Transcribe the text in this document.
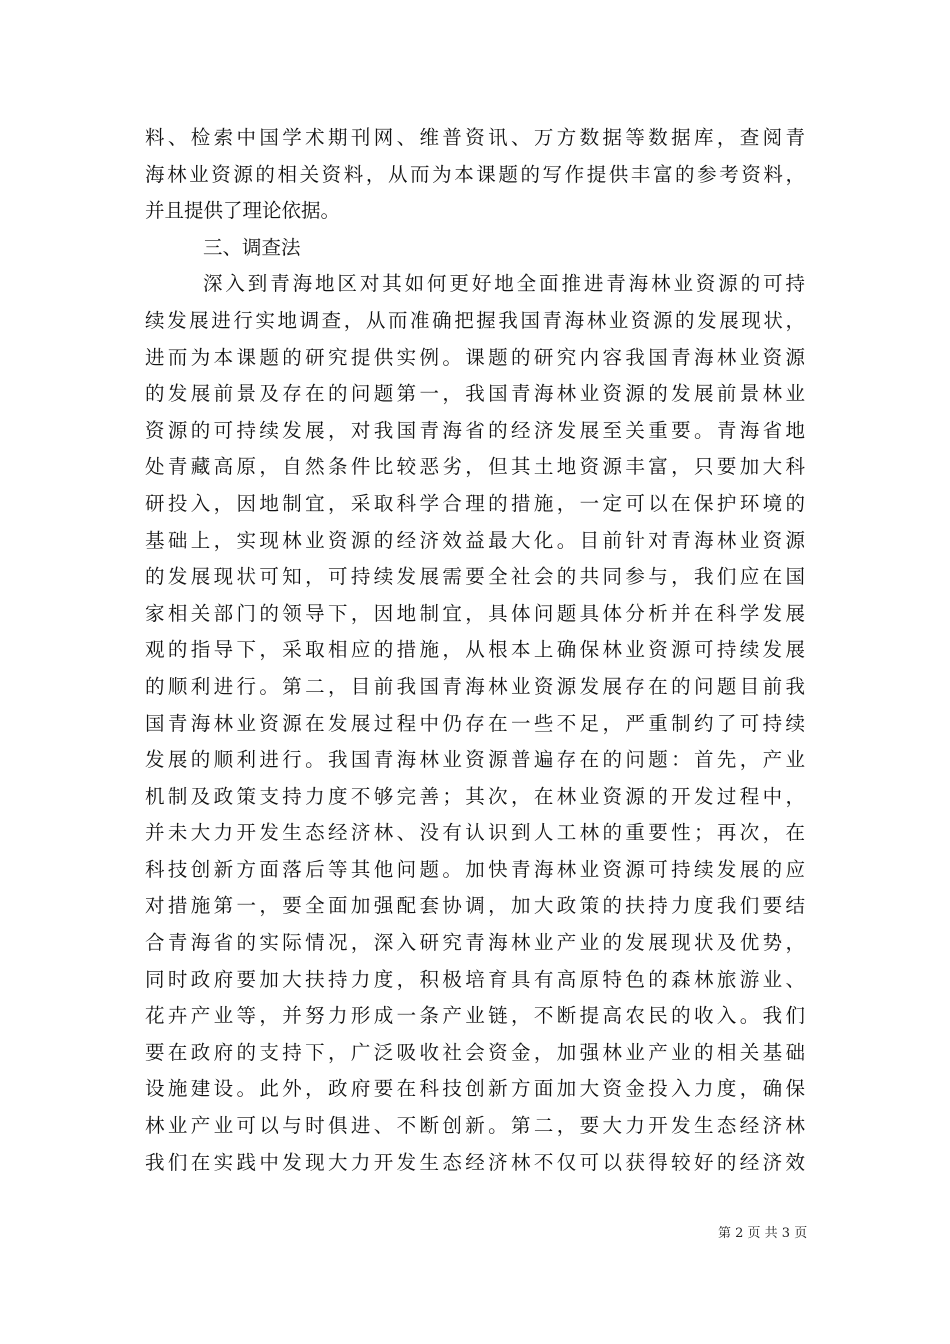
料、检索中国学术期刊网、维普资讯、万方数据等数据库，查阅青
海林业资源的相关资料，从而为本课题的写作提供丰富的参考资料，
并且提供了理论依据。
三、调查法
深入到青海地区对其如何更好地全面推进青海林业资源的可持
续发展进行实地调查，从而准确把握我国青海林业资源的发展现状，
进而为本课题的研究提供实例。课题的研究内容我国青海林业资源
的发展前景及存在的问题第一，我国青海林业资源的发展前景林业
资源的可持续发展，对我国青海省的经济发展至关重要。青海省地
处青藏高原，自然条件比较恶劣，但其土地资源丰富，只要加大科
研投入，因地制宜，采取科学合理的措施，一定可以在保护环境的
基础上，实现林业资源的经济效益最大化。目前针对青海林业资源
的发展现状可知，可持续发展需要全社会的共同参与，我们应在国
家相关部门的领导下，因地制宜，具体问题具体分析并在科学发展
观的指导下，采取相应的措施，从根本上确保林业资源可持续发展
的顺利进行。第二，目前我国青海林业资源发展存在的问题目前我
国青海林业资源在发展过程中仍存在一些不足，严重制约了可持续
发展的顺利进行。我国青海林业资源普遍存在的问题：首先，产业
机制及政策支持力度不够完善；其次，在林业资源的开发过程中，
并未大力开发生态经济林、没有认识到人工林的重要性；再次，在
科技创新方面落后等其他问题。加快青海林业资源可持续发展的应
对措施第一，要全面加强配套协调，加大政策的扶持力度我们要结
合青海省的实际情况，深入研究青海林业产业的发展现状及优势，
同时政府要加大扶持力度，积极培育具有高原特色的森林旅游业、
花卉产业等，并努力形成一条产业链，不断提高农民的收入。我们
要在政府的支持下，广泛吸收社会资金，加强林业产业的相关基础
设施建设。此外，政府要在科技创新方面加大资金投入力度，确保
林业产业可以与时俱进、不断创新。第二，要大力开发生态经济林
我们在实践中发现大力开发生态经济林不仅可以获得较好的经济效
第 2 页 共 3 页
